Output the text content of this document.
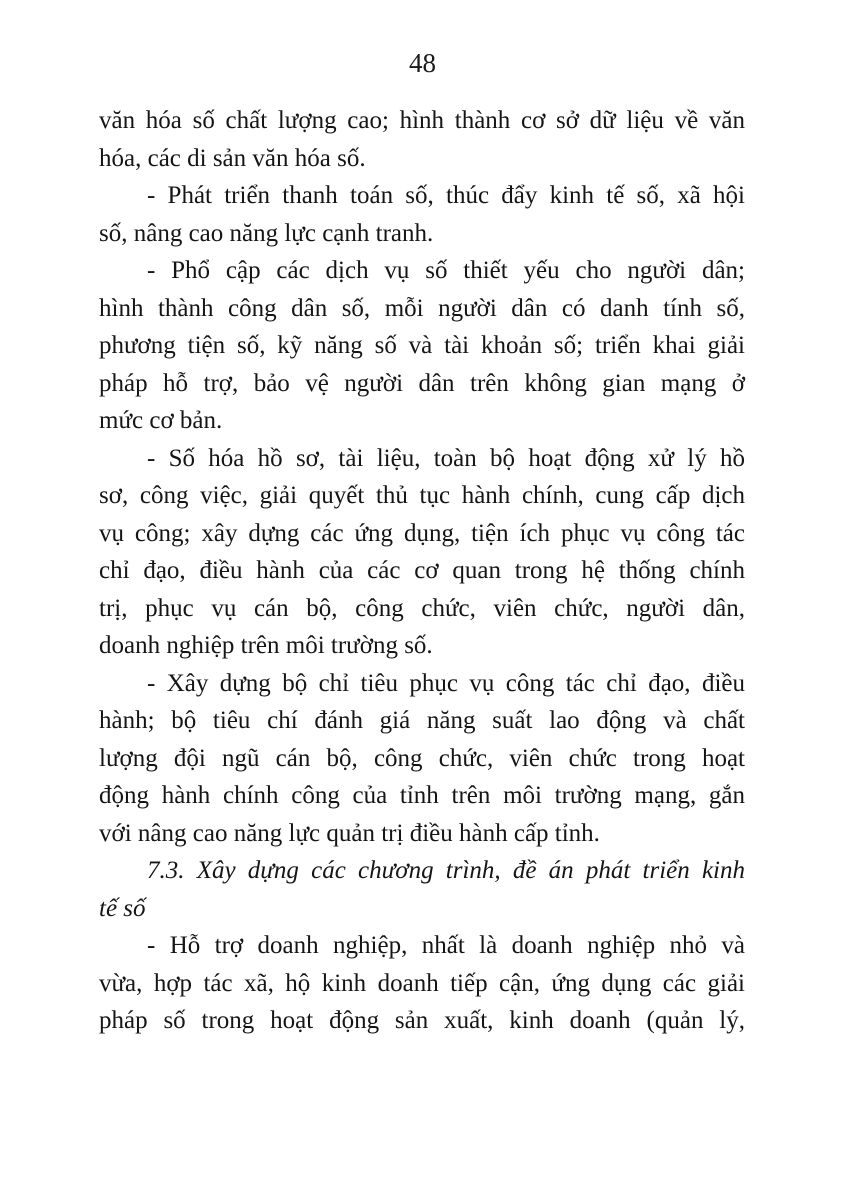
48
văn hóa số chất lượng cao; hình thành cơ sở dữ liệu về văn
hóa, các di sản văn hóa số.
- Phát triển thanh toán số, thúc đẩy kinh tế số, xã hội
số, nâng cao năng lực cạnh tranh.
- Phổ cập các dịch vụ số thiết yếu cho người dân;
hình thành công dân số, mỗi người dân có danh tính số,
phương tiện số, kỹ năng số và tài khoản số; triển khai giải
pháp hỗ trợ, bảo vệ người dân trên không gian mạng ở
mức cơ bản.
- Số hóa hồ sơ, tài liệu, toàn bộ hoạt động xử lý hồ
sơ, công việc, giải quyết thủ tục hành chính, cung cấp dịch
vụ công; xây dựng các ứng dụng, tiện ích phục vụ công tác
chỉ đạo, điều hành của các cơ quan trong hệ thống chính
trị, phục vụ cán bộ, công chức, viên chức, người dân,
doanh nghiệp trên môi trường số.
- Xây dựng bộ chỉ tiêu phục vụ công tác chỉ đạo, điều
hành; bộ tiêu chí đánh giá năng suất lao động và chất
lượng đội ngũ cán bộ, công chức, viên chức trong hoạt
động hành chính công của tỉnh trên môi trường mạng, gắn
với nâng cao năng lực quản trị điều hành cấp tỉnh.
7.3. Xây dựng các chương trình, đề án phát triển kinh
tế số
- Hỗ trợ doanh nghiệp, nhất là doanh nghiệp nhỏ và
vừa, hợp tác xã, hộ kinh doanh tiếp cận, ứng dụng các giải
pháp số trong hoạt động sản xuất, kinh doanh (quản lý,
